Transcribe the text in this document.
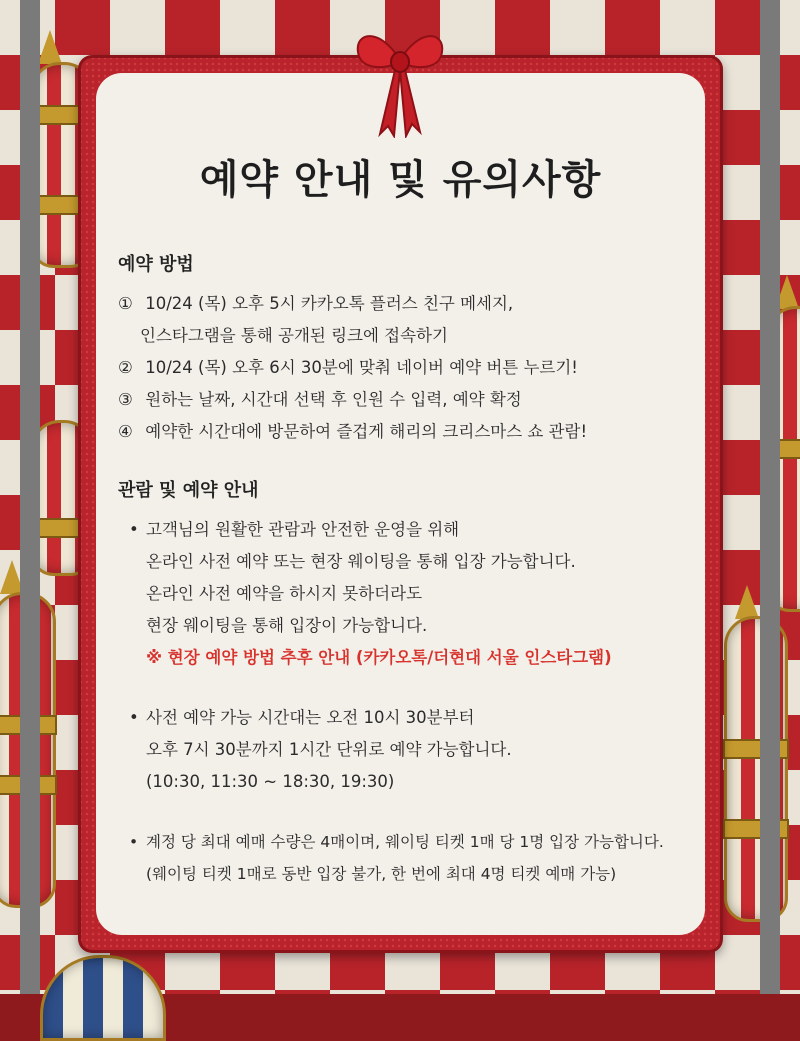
예약 안내 및 유의사항
예약 방법
① 10/24 (목) 오후 5시 카카오톡 플러스 친구 메세지,
인스타그램을 통해 공개된 링크에 접속하기
② 10/24 (목) 오후 6시 30분에 맞춰 네이버 예약 버튼 누르기!
③ 원하는 날짜, 시간대 선택 후 인원 수 입력, 예약 확정
④ 예약한 시간대에 방문하여 즐겁게 해리의 크리스마스 쇼 관람!
관람 및 예약 안내
• 고객님의 원활한 관람과 안전한 운영을 위해
온라인 사전 예약 또는 현장 웨이팅을 통해 입장 가능합니다.
온라인 사전 예약을 하시지 못하더라도
현장 웨이팅을 통해 입장이 가능합니다.
※ 현장 예약 방법 추후 안내 (카카오톡/더현대 서울 인스타그램)
• 사전 예약 가능 시간대는 오전 10시 30분부터
오후 7시 30분까지 1시간 단위로 예약 가능합니다.
(10:30, 11:30 ~ 18:30, 19:30)
• 계정 당 최대 예매 수량은 4매이며, 웨이팅 티켓 1매 당 1명 입장 가능합니다.
(웨이팅 티켓 1매로 동반 입장 불가, 한 번에 최대 4명 티켓 예매 가능)
